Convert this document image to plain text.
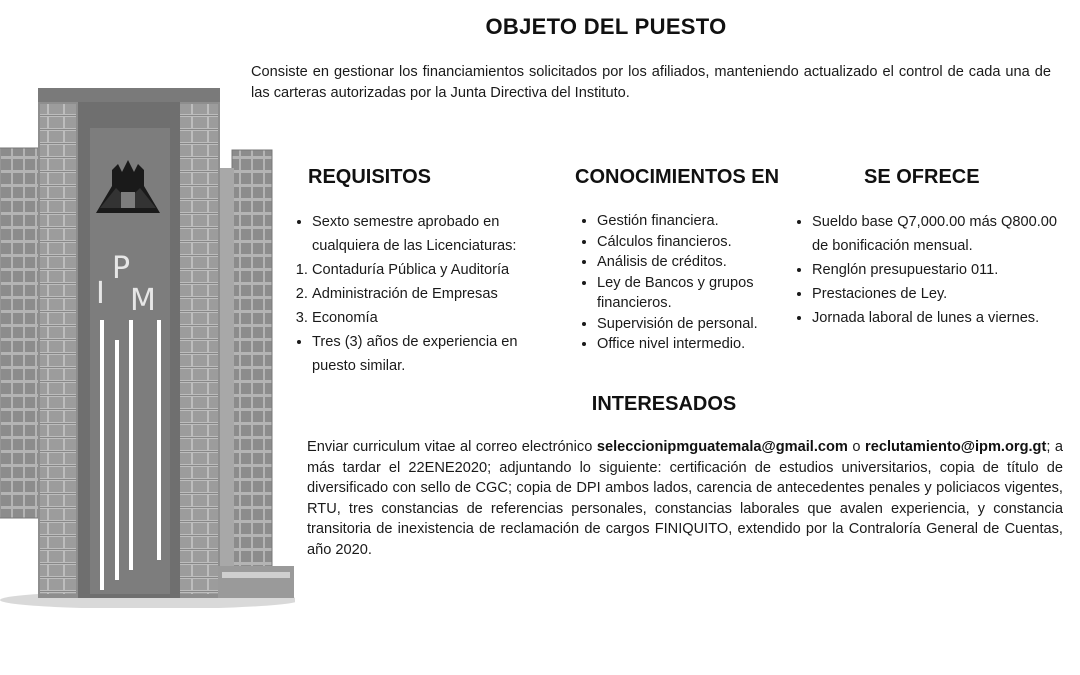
I
P
M
OBJETO DEL PUESTO

Consiste en gestionar los financiamientos solicitados por los afiliados, manteniendo actualizado el control de cada una de las carteras autorizadas por la Junta Directiva del Instituto.

REQUISITOS	CONOCIMIENTOS EN	SE OFRECE
• Sexto semestre aprobado en cualquiera de las Licenciaturas:
1. Contaduría Pública y Auditoría
2. Administración de Empresas
3. Economía
• Tres (3) años de experiencia en puesto similar.
• Gestión financiera.
• Cálculos financieros.
• Análisis de créditos.
• Ley de Bancos y grupos financieros.
• Supervisión de personal.
• Office nivel intermedio.
• Sueldo base Q7,000.00 más Q800.00 de bonificación mensual.
• Renglón presupuestario 011.
• Prestaciones de Ley.
• Jornada laboral de lunes a viernes.
INTERESADOS

Enviar curriculum vitae al correo electrónico seleccionipmguatemala@gmail.com o reclutamiento@ipm.org.gt; a más tardar el 22ENE2020; adjuntando lo siguiente: certificación de estudios universitarios, copia de título de diversificado con sello de CGC; copia de DPI ambos lados, carencia de antecedentes penales y policiacos vigentes, RTU, tres constancias de referencias personales, constancias laborales que avalen experiencia, y constancia transitoria de inexistencia de reclamación de cargos FINIQUITO, extendido por la Contraloría General de Cuentas, año 2020.
